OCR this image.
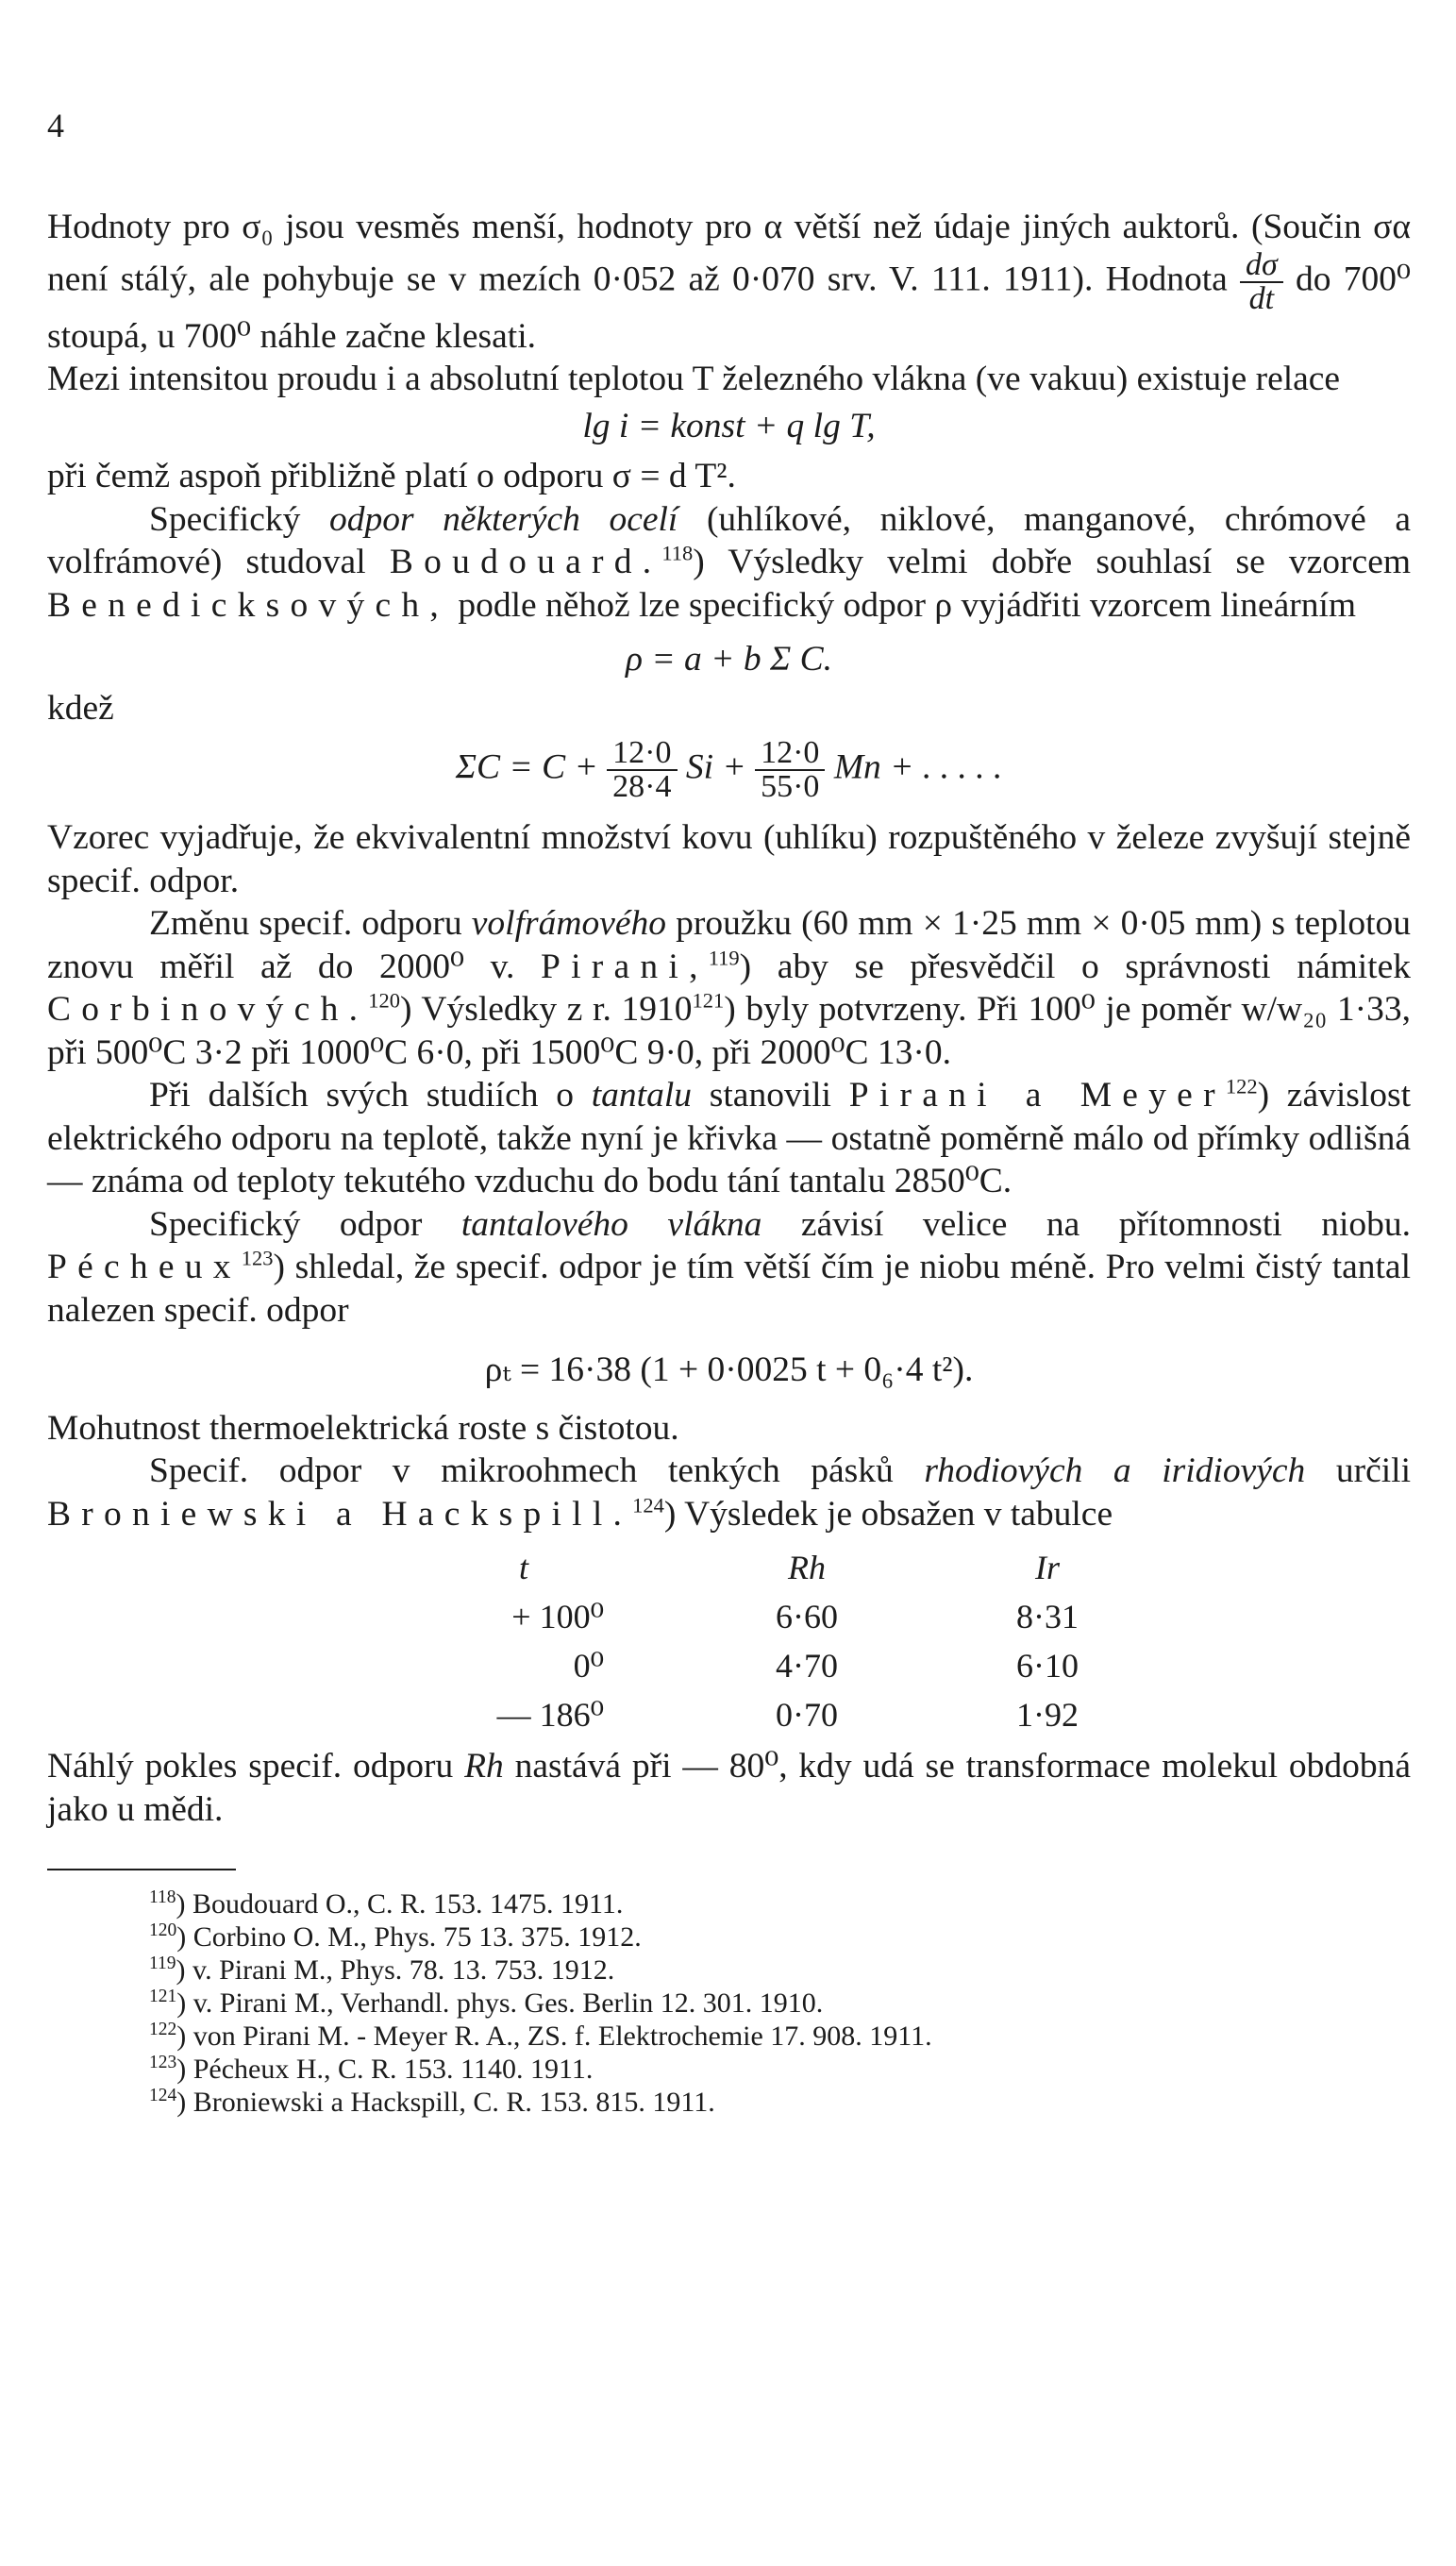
4

Hodnoty pro σ₀ jsou vesměs menší, hodnoty pro α větší než údaje jiných auktorů. (Součin σα není stálý, ale pohybuje se v mezích 0·052 až 0·070 srv. V. 111. 1911). Hodnota $\frac{d\sigma}{dt}$ do 700⁰ stoupá, u 700⁰ náhle začne klesati.

Mezi intensitou proudu i a absolutní teplotou T železného vlákna (ve vakuu) existuje relace

lg i = konst + q lg T,

při čemž aspoň přibližně platí o odporu σ = d T².

Specifický odpor některých ocelí (uhlíkové, niklové, manganové, chrómové a volfrámové) studoval Boudouard.$^{118}$) Výsledky velmi dobře souhlasí se vzorcem Benedicksových, podle něhož lze specifický odpor ρ vyjádřiti vzorcem lineárním

ρ = a + b Σ C.

kdež

$\Sigma C = C + \frac{12\cdot 0}{28\cdot 4}$ $Si + \frac{12\cdot 0}{55\cdot 0}$ Mn + . . . . .

Vzorec vyjadřuje, že ekvivalentní množství kovu (uhlíku) rozpuštěného v železe zvyšují stejně specif. odpor.

Změnu specif. odporu volfrámového proužku (60 mm × 1·25 mm × 0·05 mm) s teplotou znovu měřil až do 2000⁰ v. Pirani,$^{119}$) aby se přesvědčil o správnosti námitek Corbinových.$^{120}$) Výsledky z r. 1910$^{121}$) byly potvrzeny. Při 100⁰ je poměr w/w₂₀ 1·33, při 500⁰C 3·2 při 1000⁰C 6·0, při 1500⁰C 9·0, při 2000⁰C 13·0.

Při dalších svých studiích o tantalu stanovili Pirani a Meyer$^{122}$) závislost elektrického odporu na teplotě, takže nyní je křivka — ostatně poměrně málo od přímky odlišná — známa od teploty tekutého vzduchu do bodu tání tantalu 2850⁰C.

Specifický odpor tantalového vlákna závisí velice na přítomnosti niobu. Pécheux$^{123}$) shledal, že specif. odpor je tím větší čím je niobu méně. Pro velmi čistý tantal nalezen specif. odpor

ρₜ = 16·38 (1 + 0·0025 t + 0₆·4 t²).

Mohutnost thermoelektrická roste s čistotou.

Specif. odpor v mikroohmech tenkých pásků rhodiových a iridiových určili Broniewski a Hackspill.$^{124}$) Výsledek je obsažen v tabulce

t	Rh	Ir
+ 100⁰	6·60	8·31
0⁰	4·70	6·10
— 186⁰	0·70	1·92

Náhlý pokles specif. odporu Rh nastává při — 80⁰, kdy udá se transformace molekul obdobná jako u mědi.

$^{118}$) Boudouard O., C. R. 153. 1475. 1911.

$^{120}$) Corbino O. M., Phys. 75 13. 375. 1912.

$^{119}$) v. Pirani M., Phys. 78. 13. 753. 1912.

$^{121}$) v. Pirani M., Verhandl. phys. Ges. Berlin 12. 301. 1910.

$^{122}$) von Pirani M. - Meyer R. A., ZS. f. Elektrochemie 17. 908. 1911.

$^{123}$) Pécheux H., C. R. 153. 1140. 1911.

$^{124}$) Broniewski a Hackspill, C. R. 153. 815. 1911.
